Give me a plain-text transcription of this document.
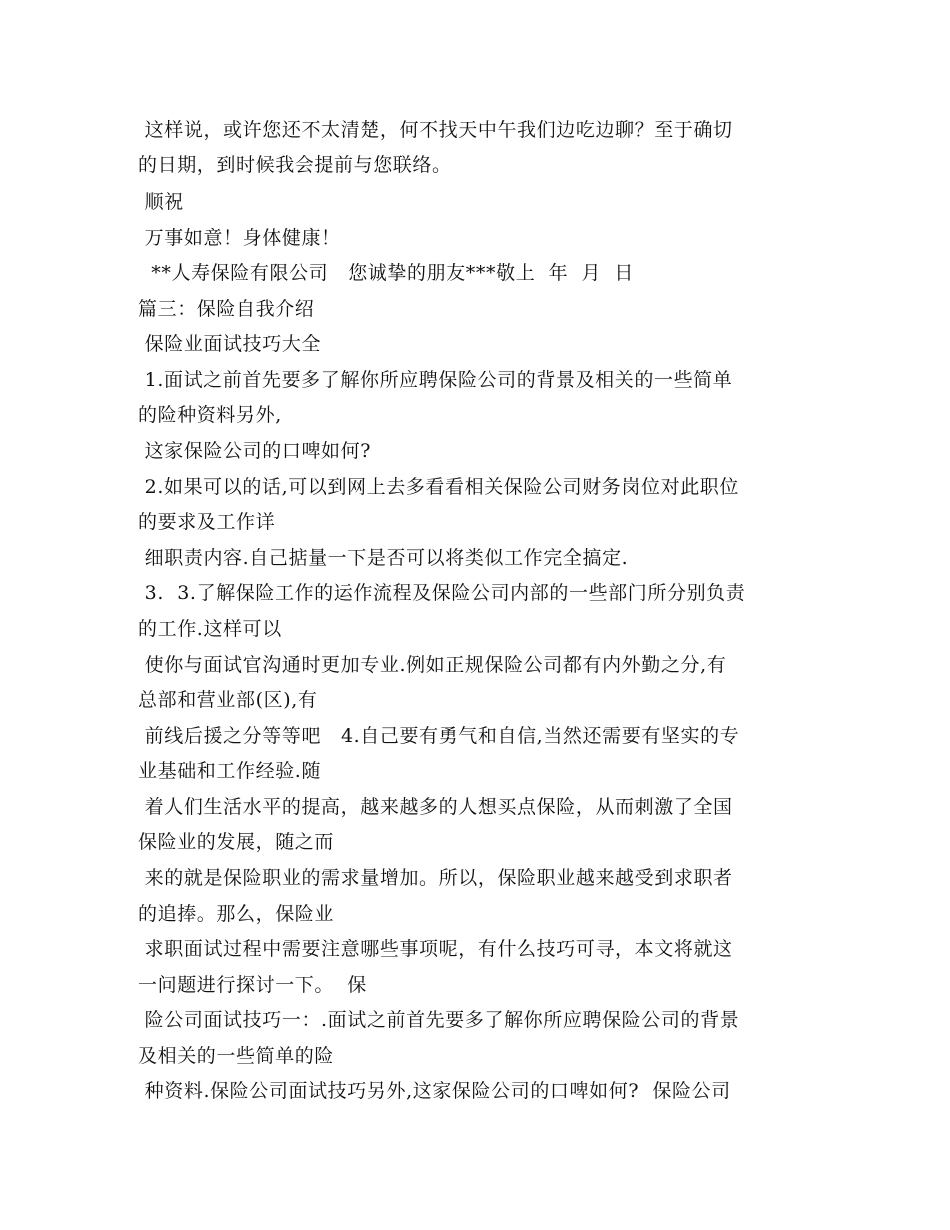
这样说，或许您还不太清楚，何不找天中午我们边吃边聊？至于确切
的日期，到时候我会提前与您联络。
顺祝
万事如意！身体健康！
**人寿保险有限公司   您诚挚的朋友***敬上  年  月  日
篇三：保险自我介绍
保险业面试技巧大全
1.面试之前首先要多了解你所应聘保险公司的背景及相关的一些简单
的险种资料另外,
这家保险公司的口啤如何?
2.如果可以的话,可以到网上去多看看相关保险公司财务岗位对此职位
的要求及工作详
细职责内容.自己掂量一下是否可以将类似工作完全搞定.
3.  3.了解保险工作的运作流程及保险公司内部的一些部门所分别负责
的工作.这样可以
使你与面试官沟通时更加专业.例如正规保险公司都有内外勤之分,有
总部和营业部(区),有
前线后援之分等等吧   4.自己要有勇气和自信,当然还需要有坚实的专
业基础和工作经验.随
着人们生活水平的提高，越来越多的人想买点保险，从而刺激了全国
保险业的发展，随之而
来的就是保险职业的需求量增加。所以，保险职业越来越受到求职者
的追捧。那么，保险业
求职面试过程中需要注意哪些事项呢，有什么技巧可寻，本文将就这
一问题进行探讨一下。  保
险公司面试技巧一：.面试之前首先要多了解你所应聘保险公司的背景
及相关的一些简单的险
种资料.保险公司面试技巧另外,这家保险公司的口啤如何?  保险公司
